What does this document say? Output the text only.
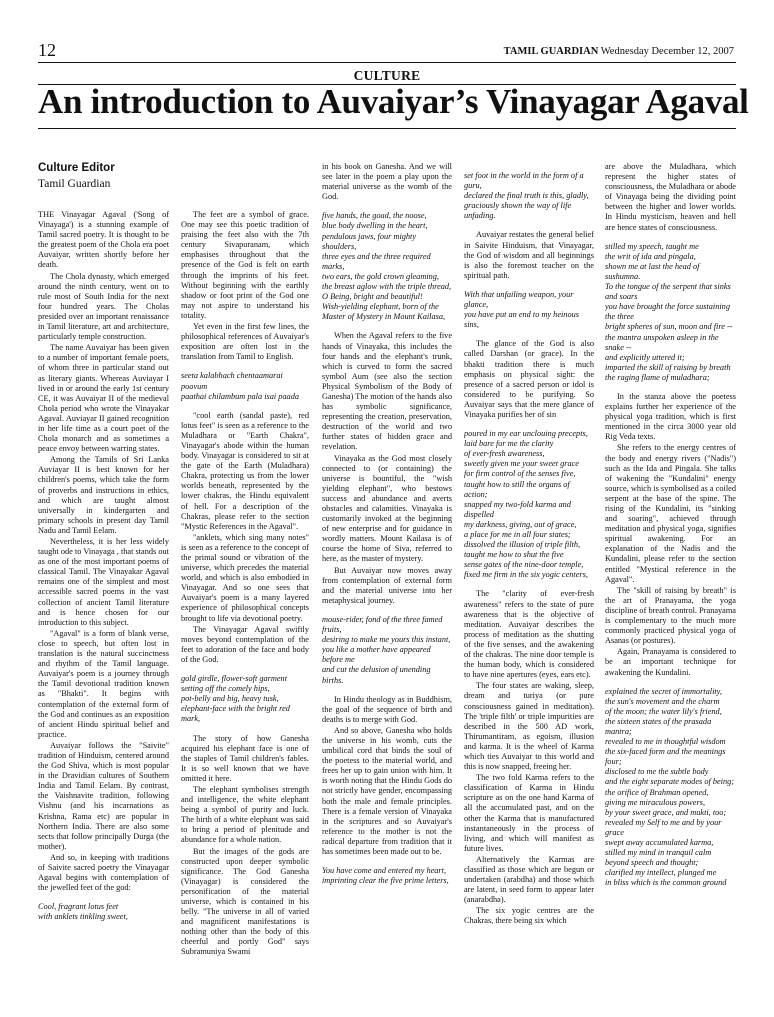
12	TAMIL GUARDIAN Wednesday December 12, 2007
CULTURE
An introduction to Auvaiyar’s Vinayagar Agaval
Culture Editor
Tamil Guardian

THE Vinayagar Agaval ('Song of Vinayaga') is a stunning example of Tamil sacred poetry. It is thought to be the greatest poem of the Chola era poet Auvaiyar, written shortly before her death.

The Chola dynasty, which emerged around the ninth century, went on to rule most of South India for the next four hundred years. The Cholas presided over an important renaissance in Tamil literature, art and architecture, particularly temple construction.

The name Auvaiyar has been given to a number of important female poets, of whom three in particular stand out as literary giants. Whereas Auviayar I lived in or around the early 1st century CE, it was Auvaiyar II of the medieval Chola period who wrote the Vinayakar Agaval. Auviayar II gained recognition in her life time as a court poet of the Chola monarch and as sometimes a peace envoy between warring states.

Among the Tamils of Sri Lanka Auviayar II is best known for her children's poems, which take the form of proverbs and instructions in ethics, and which are taught almost universally in kindergarten and primary schools in present day Tamil Nadu and Tamil Eelam.

Nevertheless, it is her less widely taught ode to Vinayaga , that stands out as one of the most important poems of classical Tamil. The Vinayakar Agaval remains one of the simplest and most accessible sacred poems in the vast collection of ancient Tamil literature and is hence chosen for our introduction to this subject.

"Agaval" is a form of blank verse, close to speech, but often lost in translation is the natural succinctness and rhythm of the Tamil language. Auvaiyar's poem is a journey through the Tamil devotional tradition known as "Bhakti". It begins with contemplation of the external form of the God and continues as an exposition of ancient Hindu spiritual belief and practice.

Auvaiyar follows the "Saivite" tradition of Hinduism, centered around the God Shiva, which is most popular in the Dravidian cultures of Southern India and Tamil Eelam. By contrast, the Vaishnavite tradition, following Vishnu (and his incarnations as Krishna, Rama etc) are popular in Northern India. There are also some sects that follow principally Durga (the mother).

And so, in keeping with traditions of Saivite sacred poetry the Vinayagar Agaval begins with contemplation of the jewelled feet of the god:

Cool, fragrant lotus feet
with anklets tinkling sweet,

The feet are a symbol of grace. One may see this poetic tradition of praising the feet also with the 7th century Sivapuranam, which emphasises throughout that the presence of the God is felt on earth through the imprints of his feet. Without beginning with the earthly shadow or foot print of the God one may not aspire to understand his totality.

Yet even in the first few lines, the philosophical references of Auvaiyar's exposition are often lost in the translation from Tamil to English.

seeta kalabhach chentaamarai poovum
paathai chilambum pala isai paada

"cool earth (sandal paste), red lotus feet" is seen as a reference to the Muladhara or "Earth Chakra", Vinayagar's abode within the human body. Vinayagar is considered to sit at the gate of the Earth (Muladhara) Chakra, protecting us from the lower worlds beneath, represented by the lower chakras, the Hindu equivalent of hell. For a description of the Chakras, please refer to the section "Mystic References in the Agaval".

"anklets, which sing many notes" is seen as a reference to the concept of the primal sound or vibration of the universe, which precedes the material world, and which is also embodied in Vinayagar. And so one sees that Auvaiyar's poem is a many layered experience of philosophical concepts brought to life via devotional poetry.

The Vinayagar Agaval swiftly moves beyond contemplation of the feet to adoration of the face and body of the God.

gold girdle, flower-soft garment
setting off the comely hips,
pot-belly and big, heavy tusk,
elephant-face with the bright red mark,

The story of how Ganesha acquired his elephant face is one of the staples of Tamil children's fables. It is so well known that we have omitted it here.

The elephant symbolises strength and intelligence, the white elephant being a symbol of purity and luck. The birth of a white elephant was said to bring a period of plenitude and abundance for a whole nation.

But the images of the gods are constructed upon deeper symbolic significance. The God Ganesha (Vinayagar) is considered the personification of the material universe, which is contained in his belly. "The universe in all of varied and magnificent manifestations is nothing other than the body of this cheerful and portly God" says Subramuniya Swami

in his book on Ganesha. And we will see later in the poem a play upon the material universe as the womb of the God.

five hands, the goad, the noose,
blue body dwelling in the heart,
pendulous jaws, four mighty shoulders,
three eyes and the three required marks,
two ears, the gold crown gleaming,
the breast aglow with the triple thread,
O Being, bright and beautiful!
Wish-yielding elephant, born of the
Master of Mystery in Mount Kailasa,

When the Agaval refers to the five hands of Vinayaka, this includes the four hands and the elephant's trunk, which is curved to form the sacred symbol Aum (see also the section Physical Symbolism of the Body of Ganesha) The motion of the hands also has symbolic significance, representing the creation, preservation, destruction of the world and two further states of hidden grace and revelation.

Vinayaka as the God most closely connected to (or containing) the universe is bountiful, the "wish yielding elephant", who bestows success and abundance and averts obstacles and calamities. Vinayaka is customarily invoked at the beginning of new enterprise and for guidance in wordly matters. Mount Kailasa is of course the home of Siva, referred to here, as the master of mystery.

But Auvaiyar now moves away from contemplation of external form and the material universe into her metaphysical journey.

mouse-rider, fond of the three famed fruits,
desiring to make me yours this instant,
you like a mother have appeared before me
and cut the delusion of unending births.

In Hindu theology as in Buddhism, the goal of the sequence of birth and deaths is to merge with God.

And so above, Ganesha who holds the universe in his womb, cuts the umbilical cord that binds the soul of the poetess to the material world, and frees her up to gain union with him. It is worth noting that the Hindu Gods do not strictly have gender, encompassing both the male and female principles. There is a female version of Vinayaka in the scriptures and so Auvaiyar's reference to the mother is not the radical departure from tradition that it has sometimes been made out to be.

You have come and entered my heart,
imprinting clear the five prime letters,

set foot in the world in the form of a guru,
declared the final truth is this, gladly,
graciously shown the way of life unfading.

Auvaiyar restates the general belief in Saivite Hinduism, that Vinayagar, the God of wisdom and all beginnings is also the foremost teacher on the spiritual path.

With that unfailing weapon, your glance,
you have put an end to my heinous sins,

The glance of the God is also called Darshan (or grace). In the bhakti tradition there is much emphasis on physical sight: the presence of a sacred person or idol is considered to be purifying. So Auvaiyar says that the mere glance of Vinayaka purifies her of sin

poured in my ear unclouing precepts,
laid bare for me the clarity
of ever-fresh awareness,
sweetly given me your sweet grace
for firm control of the senses five,
taught how to still the organs of action;
snapped my two-fold karma and dispelled
my darkness, giving, out of grace,
a place for me in all four states;
dissolved the illusion of triple filth,
taught me how to shut the five
sense gates of the nine-door temple,
fixed me firm in the six yogic centers,

The "clarity of ever-fresh awareness" refers to the state of pure awareness that is the objective of meditation. Auvaiyar describes the process of meditation as the shutting of the five senses, and the awakening of the chakras. The nine door temple is the human body, which is considered to have nine apertures (eyes, ears etc).

The four states are waking, sleep, dream and turiya (or pure consciousness gained in meditation). The 'triple filth' or triple impurities are described in the 500 AD work, Thirumantiram, as egoism, illusion and karma. It is the wheel of Karma which ties Auvaiyar to this world and this is now snapped, freeing her.

The two fold Karma refers to the classification of Karma in Hindu scripture as on the one hand Karma of all the accumulated past, and on the other the Karma that is manufactured instantaneously in the process of living, and which will manifest as future lives.

Alternatively the Karmas are classified as those which are begun or undertaken (arabdha) and those which are latent, in seed form to appear later (anarabdha).

The six yogic centres are the Chakras, there being six which

are above the Muladhara, which represent the higher states of consciousness, the Muladhara or abode of Vinayaga being the dividing point between the higher and lower worlds. In Hindu mysticism, heaven and hell are hence states of consciousness.

stilled my speech, taught me
the writ of ida and pingala,
shown me at last the head of sushumna.
To the tongue of the serpent that sinks and soars
you have brought the force sustaining the three
bright spheres of sun, moon and fire --
the mantra unspoken asleep in the snake --
and explicitly uttered it;
imparted the skill of raising by breath
the raging flame of muladhara;

In the stanza above the poetess explains further her experience of the physical yoga tradition, which is first mentioned in the circa 3000 year old Rig Veda texts.

She refers to the energy centres of the body and energy rivers ("Nadis") such as the Ida and Pingala. She talks of wakening the "Kundalini" energy source, which is symbolised as a coiled serpent at the base of the spine. The rising of the Kundalini, its "sinking and soaring", achieved through meditation and physical yoga, signifies spiritual awakening. For an explanation of the Nadis and the Kundalini, please refer to the section entitled "Mystical reference in the Agaval".

The "skill of raising by breath" is the art of Pranayama, the yoga discipline of breath control. Pranayama is complementary to the much more commonly practiced physical yoga of Asanas (or postures).

Again, Pranayama is considered to be an important technique for awakening the Kundalini.

explained the secret of immortality,
the sun's movement and the charm
of the moon; the water lily's friend,
the sixteen states of the prasada mantra;
revealed to me in thoughtful wisdom
the six-faced form and the meanings four;
disclosed to me the subtle body
and the eight separate modes of being;
the orifice of Brahman opened,
giving me miraculous powers,
by your sweet grace, and mukti, too;
revealed my Self to me and by your grace
swept away accumulated karma,
stilled my mind in tranquil calm
beyond speech and thought;
clarified my intellect, plunged me
in bliss which is the common ground
